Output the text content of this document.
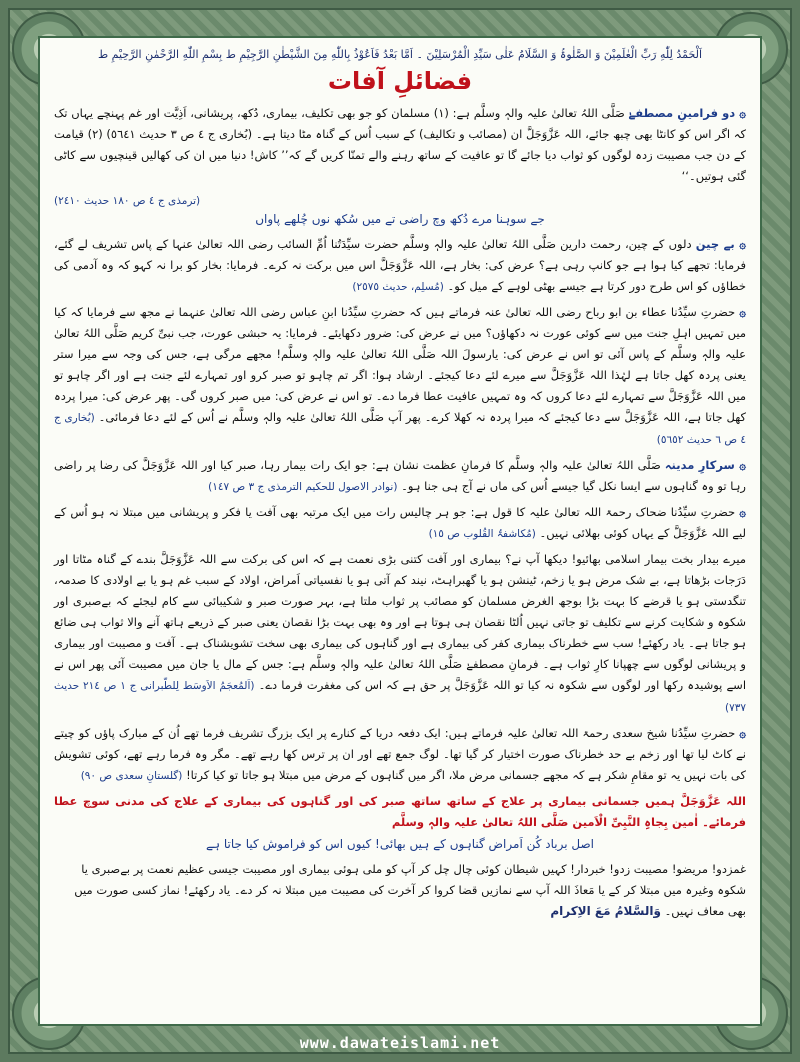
اَلْحَمْدُ لِلّٰهِ رَبِّ الْعٰلَمِيْنَ وَ الصَّلٰوۃُ وَ السَّلَامُ عَلٰی سَیِّدِ الْمُرْسَلِیْنَ ۔ اَمَّا بَعْدُ فَاَعُوْذُ بِاللّٰهِ مِنَ الشَّیْطٰنِ الرَّجِیْمِ ط بِسْمِ اللّٰهِ الرَّحْمٰنِ الرَّحِیْمِ ط
فضائلِ آفات

۞ دو فرامینِ مصطفےٰ صَلَّی اللہُ تعالیٰ علیہ والہٖ وسلَّم ہے: (۱) مسلمان کو جو بھی تکلیف، بیماری، دُکھ، پریشانی، اَذِیَّت اور غم پہنچے یہاں تک کہ اگر اس کو کانٹا بھی چبھ جائے، اللہ عَزَّوَجَلَّ ان (مصائب و تکالیف) کے سبب اُس کے گناہ مٹا دیتا ہے۔ (بُخاری ج ٤ ص ٣ حدیث ٥٦٤١) (۲) قیامت کے دن جب مصیبت زدہ لوگوں کو ثواب دیا جائے گا تو عافیت کے ساتھ رہنے والے تمنّا کریں گے کہ’’ کاش! دنیا میں ان کی کھالیں قینچیوں سے کاٹی گئی ہوتیں۔‘‘

(ترمذی ج ٤ ص ١٨٠ حدیث ٢٤١٠)
جے سوہنا مرے دُکھ وچ راضی تے میں سُکھ نوں چُلھے پاواں

۞ بے چین دلوں کے چین، رحمت دارین صَلَّی اللہُ تعالیٰ علیہ والہٖ وسلَّم حضرت سیِّدَتُنا اُمِّ السائب رضی اللہ تعالیٰ عنہا کے پاس تشریف لے گئے، فرمایا: تجھے کیا ہوا ہے جو کانپ رہی ہے؟ عرض کی: بخار ہے، اللہ عَزَّوَجَلَّ اس میں برکت نہ کرے۔ فرمایا: بخار کو برا نہ کہو کہ وہ آدمی کی خطاؤں کو اس طرح دور کرتا ہے جیسے بھٹی لوہے کے میل کو۔ (مُسلِم، حدیث ٢٥٧٥)

۞ حضرتِ سیِّدُنا عطاء بن ابو رباح رضی اللہ تعالیٰ عنہ فرماتے ہیں کہ حضرتِ سیِّدُنا ابنِ عباس رضی اللہ تعالیٰ عنہما نے مجھ سے فرمایا کہ کیا میں تمہیں اہلِ جنت میں سے کوئی عورت نہ دکھاؤں؟ میں نے عرض کی: ضرور دکھایئے۔ فرمایا: یہ حبشی عورت، جب نبیِّ کریم صَلَّی اللہُ تعالیٰ علیہ والہٖ وسلَّم کے پاس آئی تو اس نے عرض کی: یارسولَ اللہ صَلَّی اللہُ تعالیٰ علیہ والہٖ وسلَّم! مجھے مرگی ہے، جس کی وجہ سے میرا ستر یعنی پردہ کھل جاتا ہے لہٰذا اللہ عَزَّوَجَلَّ سے میرے لئے دعا کیجئے۔ ارشاد ہوا: اگر تم چاہو تو صبر کرو اور تمہارے لئے جنت ہے اور اگر چاہو تو میں اللہ عَزَّوَجَلَّ سے تمہارے لئے دعا کروں کہ وہ تمہیں عافیت عطا فرما دے۔ تو اس نے عرض کی: میں صبر کروں گی۔ پھر عرض کی: میرا پردہ کھل جاتا ہے، اللہ عَزَّوَجَلَّ سے دعا کیجئے کہ میرا پردہ نہ کھلا کرے۔ پھر آپ صَلَّی اللہُ تعالیٰ علیہ والہٖ وسلَّم نے اُس کے لئے دعا فرمائی۔ (بُخاری ج ٤ ص ٦ حدیث ٥٦٥٢)

۞ سرکارِ مدینہ صَلَّی اللہُ تعالیٰ علیہ والہٖ وسلَّم کا فرمانِ عظمت نشان ہے: جو ایک رات بیمار رہا، صبر کیا اور اللہ عَزَّوَجَلَّ کی رضا پر راضی رہا تو وہ گناہوں سے ایسا نکل گیا جیسے اُس کی ماں نے آج ہی جنا ہو۔ (نوادر الاصول للحکیم الترمذی ج ٣ ص ١٤٧)

۞ حضرتِ سیِّدُنا ضحاک رحمۃ اللہ تعالیٰ علیہ کا قول ہے: جو ہر چالیس رات میں ایک مرتبہ بھی آفت یا فکر و پریشانی میں مبتلا نہ ہو اُس کے لیے اللہ عَزَّوَجَلَّ کے یہاں کوئی بھلائی نہیں۔ (مُکاشفۃُ القُلوب ص ١٥)

میرے بیدار بخت بیمار اسلامی بھائیو! دیکھا آپ نے؟ بیماری اور آفت کتنی بڑی نعمت ہے کہ اس کی برکت سے اللہ عَزَّوَجَلَّ بندے کے گناہ مٹاتا اور دَرَجات بڑھاتا ہے، بے شک مرض ہو یا زخم، ٹینشن ہو یا گھبراہٹ، نیند کم آتی ہو یا نفسیاتی اَمراض، اولاد کے سبب غم ہو یا بے اولادی کا صدمہ، تنگدستی ہو یا قرضے کا بہت بڑا بوجھ الغرض مسلمان کو مصائب پر ثواب ملتا ہے، بہر صورت صبر و شکیبائی سے کام لیجئے کہ بےصبری اور شکوہ و شکایت کرنے سے تکلیف تو جاتی نہیں اُلٹا نقصان ہی ہوتا ہے اور وہ بھی بہت بڑا نقصان یعنی صبر کے ذریعے ہاتھ آنے والا ثواب ہی ضائع ہو جاتا ہے۔ یاد رکھئے! سب سے خطرناک بیماری کفر کی بیماری ہے اور گناہوں کی بیماری بھی سخت تشویشناک ہے۔ آفت و مصیبت اور بیماری و پریشانی لوگوں سے چھپانا کارِ ثواب ہے۔ فرمانِ مصطفےٰ صَلَّی اللہُ تعالیٰ علیہ والہٖ وسلَّم ہے: جس کے مال یا جان میں مصیبت آئی پھر اس نے اسے پوشیدہ رکھا اور لوگوں سے شکوہ نہ کیا تو اللہ عَزَّوَجَلَّ پر حق ہے کہ اس کی مغفرت فرما دے۔ (اَلمُعجَمُ الاَوسَط لِلطّبرانی ج ١ ص ٢١٤ حدیث ٧٣٧)

۞ حضرتِ سیِّدُنا شیخ سعدی رحمۃ اللہ تعالیٰ علیہ فرماتے ہیں: ایک دفعہ دریا کے کنارے پر ایک بزرگ تشریف فرما تھے اُن کے مبارک پاؤں کو چیتے نے کاٹ لیا تھا اور زخم بے حد خطرناک صورت اختیار کر گیا تھا۔ لوگ جمع تھے اور ان پر ترس کھا رہے تھے۔ مگر وہ فرما رہے تھے، کوئی تشویش کی بات نہیں یہ تو مقامِ شکر ہے کہ مجھے جسمانی مرض ملا، اگر میں گناہوں کے مرض میں مبتلا ہو جاتا تو کیا کرتا! (گلستانِ سعدی ص ٩٠)

اللہ عَزَّوَجَلَّ ہمیں جسمانی بیماری پر علاج کے ساتھ ساتھ صبر کی اور گناہوں کی بیماری کے علاج کی مدنی سوچ عطا فرمائے۔ اٰمین بِجاہِ النَّبِیِّ الْاَمین صَلَّی اللہُ تعالیٰ علیہ والہٖ وسلَّم

اصل برباد کُن اَمراض گناہوں کے ہیں بھائی! کیوں اس کو فراموش کیا جاتا ہے

غمزدو! مریضو! مصیبت زدو! خبردار! کہیں شیطان کوئی چال چل کر آپ کو ملی ہوئی بیماری اور مصیبت جیسی عظیم نعمت پر بےصبری یا شکوہ وغیرہ میں مبتلا کر کے یا مَعاذَ اللہ آپ سے نمازیں قضا کروا کر آخرت کی مصیبت میں مبتلا نہ کر دے۔ یاد رکھئے! نماز کسی صورت میں بھی معاف نہیں۔ وَالسَّلامُ مَعَ الاِکرام

www.dawateislami.net
